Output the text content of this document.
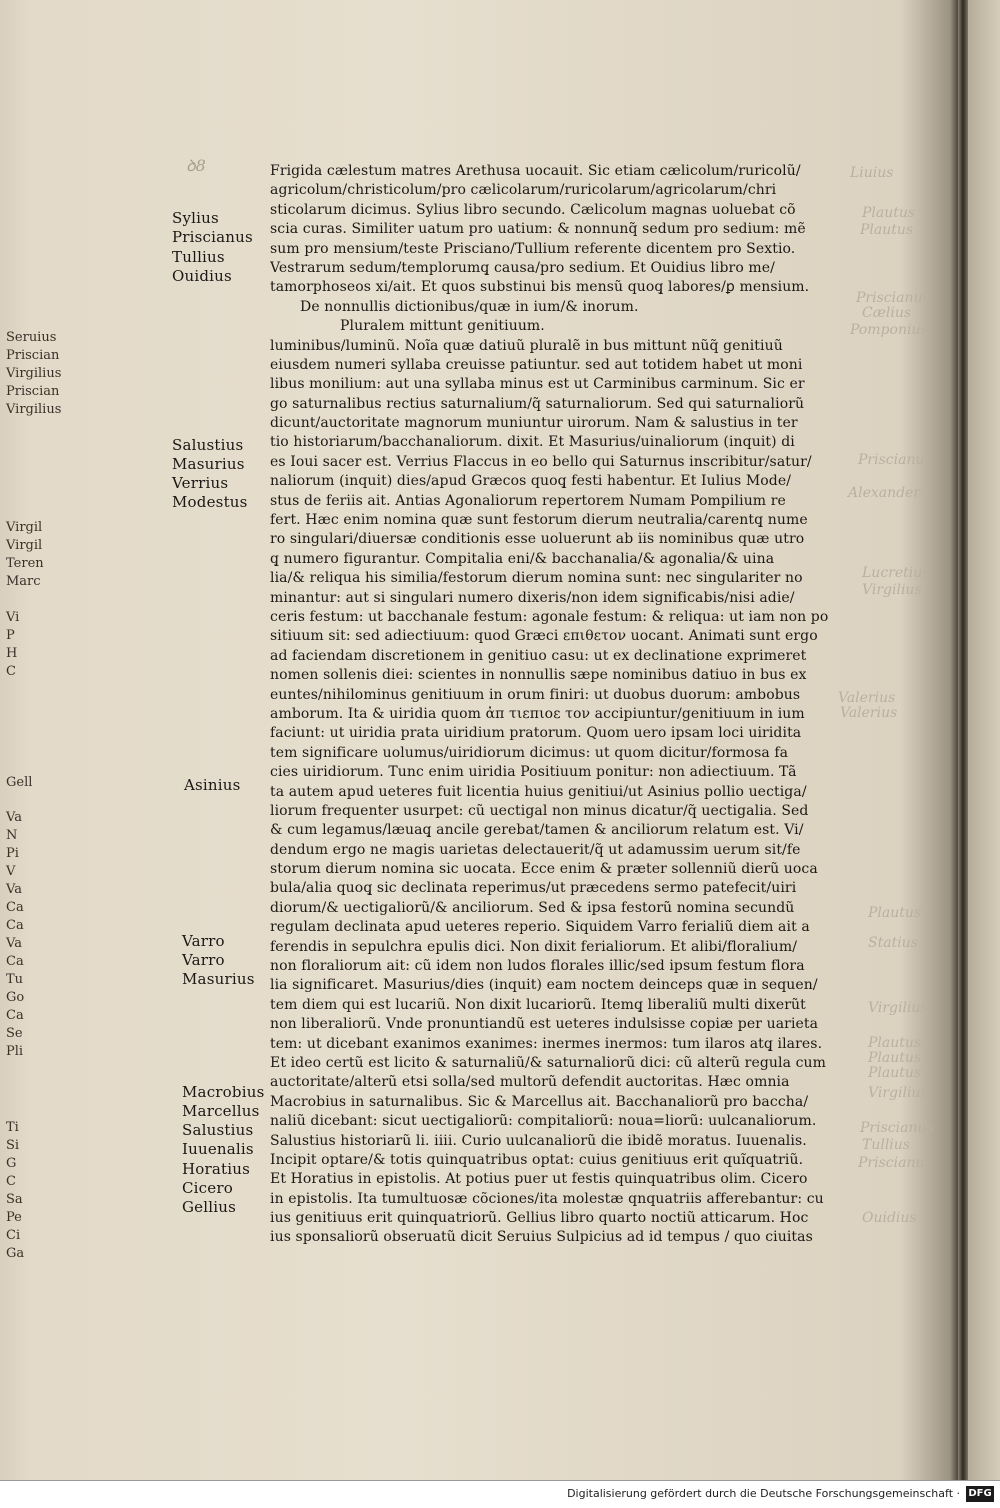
ꝺ8	Liuius
Plautus
Plautus
Priscianus
Cælius
Pomponius
Priscianus
Alexander
Lucretius
Virgilius
Valerius
Valerius
Plautus
Statius
Virgilius
Plautus
Plautus
Plautus
Virgilius
Priscianus
Tullius
Priscianus
Ouidius
Seruius
Priscian
Virgilius
Priscian
Virgilius
Virgil
Virgil
Teren
Marc
Vi
P
H
C
Gell
Va
N
Pi
V
Va
Ca
Ca
Va
Ca
Tu
Go
Ca
Se
Pli
Ti
Si
G
C
Sa
Pe
Ci
Ga
Sylius
Priscianus
Tullius
Ouidius
Salustius
Masurius
Verrius
Modestus
Asinius
Varro
Varro
Masurius
Macrobius
Marcellus
Salustius
Iuuenalis
Horatius
Cicero
Gellius
Frigida cælestum matres Arethusa uocauit. Sic etiam cælicolum/ruricolũ/
agricolum/christicolum/pro cælicolarum/ruricolarum/agricolarum/chri
sticolarum dicimus. Sylius libro secundo. Cælicolum magnas uoluebat cõ
scia curas. Similiter uatum pro uatium: & nonnunq̃ sedum pro sedium: mẽ
sum pro mensium/teste Prisciano/Tullium referente dicentem pro Sextio.
Vestrarum sedum/templorumq̧ causa/pro sedium. Et Ouidius libro me/
tamorphoseos xi/ait. Et quos substinui bis mensũ quoq̧ labores/ꝑ mensium.
De nonnullis dictionibus/quæ in ium/& inorum.
Pluralem mittunt genitiuum.
luminibus/luminũ. Noĩa quæ datiuũ pluralẽ in bus mittunt nũq̃ genitiuũ
eiusdem numeri syllaba creuisse patiuntur. sed aut totidem habet ut moni
libus monilium: aut una syllaba minus est ut Carminibus carminum. Sic er
go saturnalibus rectius saturnalium/q̃ saturnaliorum. Sed qui saturnaliorũ
dicunt/auctoritate magnorum muniuntur uirorum. Nam & salustius in ter
tio historiarum/bacchanaliorum. dixit. Et Masurius/uinaliorum (inquit) di
es Ioui sacer est. Verrius Flaccus in eo bello qui Saturnus inscribitur/satur/
naliorum (inquit) dies/apud Græcos quoq̧ festi habentur. Et Iulius Mode/
stus de feriis ait. Antias Agonaliorum repertorem Numam Pompilium re
fert. Hæc enim nomina quæ sunt festorum dierum neutralia/carentq̧ nume
ro singulari/diuersæ conditionis esse uoluerunt ab iis nominibus quæ utro
q̧ numero figurantur. Compitalia eni/& bacchanalia/& agonalia/& uina
lia/& reliqua his similia/festorum dierum nomina sunt: nec singulariter no
minantur: aut si singulari numero dixeris/non idem significabis/nisi adie/
ceris festum: ut bacchanale festum: agonale festum: & reliqua: ut iam non po
sitiuum sit: sed adiectiuum: quod Græci επιθετον uocant. Animati sunt ergo
ad faciendam discretionem in genitiuo casu: ut ex declinatione exprimeret
nomen sollenis diei: scientes in nonnullis sæpe nominibus datiuo in bus ex
euntes/nihilominus genitiuum in orum finiri: ut duobus duorum: ambobus
amborum. Ita & uiridia quom ἀπ τιεπιοε τον accipiuntur/genitiuum in ium
faciunt: ut uiridia prata uiridium pratorum. Quom uero ipsam loci uiridita
tem significare uolumus/uiridiorum dicimus: ut quom dicitur/formosa fa
cies uiridiorum. Tunc enim uiridia Positiuum ponitur: non adiectiuum. Tã
ta autem apud ueteres fuit licentia huius genitiui/ut Asinius pollio uectiga/
liorum frequenter usurpet: cũ uectigal non minus dicatur/q̃ uectigalia. Sed
& cum legamus/læuaq̧ ancile gerebat/tamen & anciliorum relatum est. Vi/
dendum ergo ne magis uarietas delectauerit/q̃ ut adamussim uerum sit/fe
storum dierum nomina sic uocata. Ecce enim & præter sollenniũ dierũ uoca
bula/alia quoq̧ sic declinata reperimus/ut præcedens sermo patefecit/uiri
diorum/& uectigaliorũ/& anciliorum. Sed & ipsa festorũ nomina secundũ
regulam declinata apud ueteres reperio. Siquidem Varro ferialiũ diem ait a
ferendis in sepulchra epulis dici. Non dixit ferialiorum. Et alibi/floralium/
non floraliorum ait: cũ idem non ludos florales illic/sed ipsum festum flora
lia significaret. Masurius/dies (inquit) eam noctem deinceps quæ in sequen/
tem diem qui est lucariũ. Non dixit lucariorũ. Itemq̧ liberaliũ multi dixerũt
non liberaliorũ. Vnde pronuntiandũ est ueteres indulsisse copiæ per uarieta
tem: ut dicebant exanimos exanimes: inermes inermos: tum ilaros atq̧ ilares.
Et ideo certũ est licito & saturnaliũ/& saturnaliorũ dici: cũ alterũ regula cum
auctoritate/alterũ etsi solla/sed multorũ defendit auctoritas. Hæc omnia
Macrobius in saturnalibus. Sic & Marcellus ait. Bacchanaliorũ pro baccha/
naliũ dicebant: sicut uectigaliorũ: compitaliorũ: noua=liorũ: uulcanaliorum.
Salustius historiarũ li. iiii. Curio uulcanaliorũ die ibidẽ moratus. Iuuenalis.
Incipit optare/& totis quinquatribus optat: cuius genitiuus erit quĩquatriũ.
Et Horatius in epistolis. At potius puer ut festis quinquatribus olim. Cicero
in epistolis. Ita tumultuosæ cõciones/ita molestæ qnquatriis afferebantur: cu
ius genitiuus erit quinquatriorũ. Gellius libro quarto noctiũ atticarum. Hoc
ius sponsaliorũ obseruatũ dicit Seruius Sulpicius ad id tempus / quo ciuitas
Digitalisierung gefördert durch die Deutsche Forschungsgemeinschaft · DFG
